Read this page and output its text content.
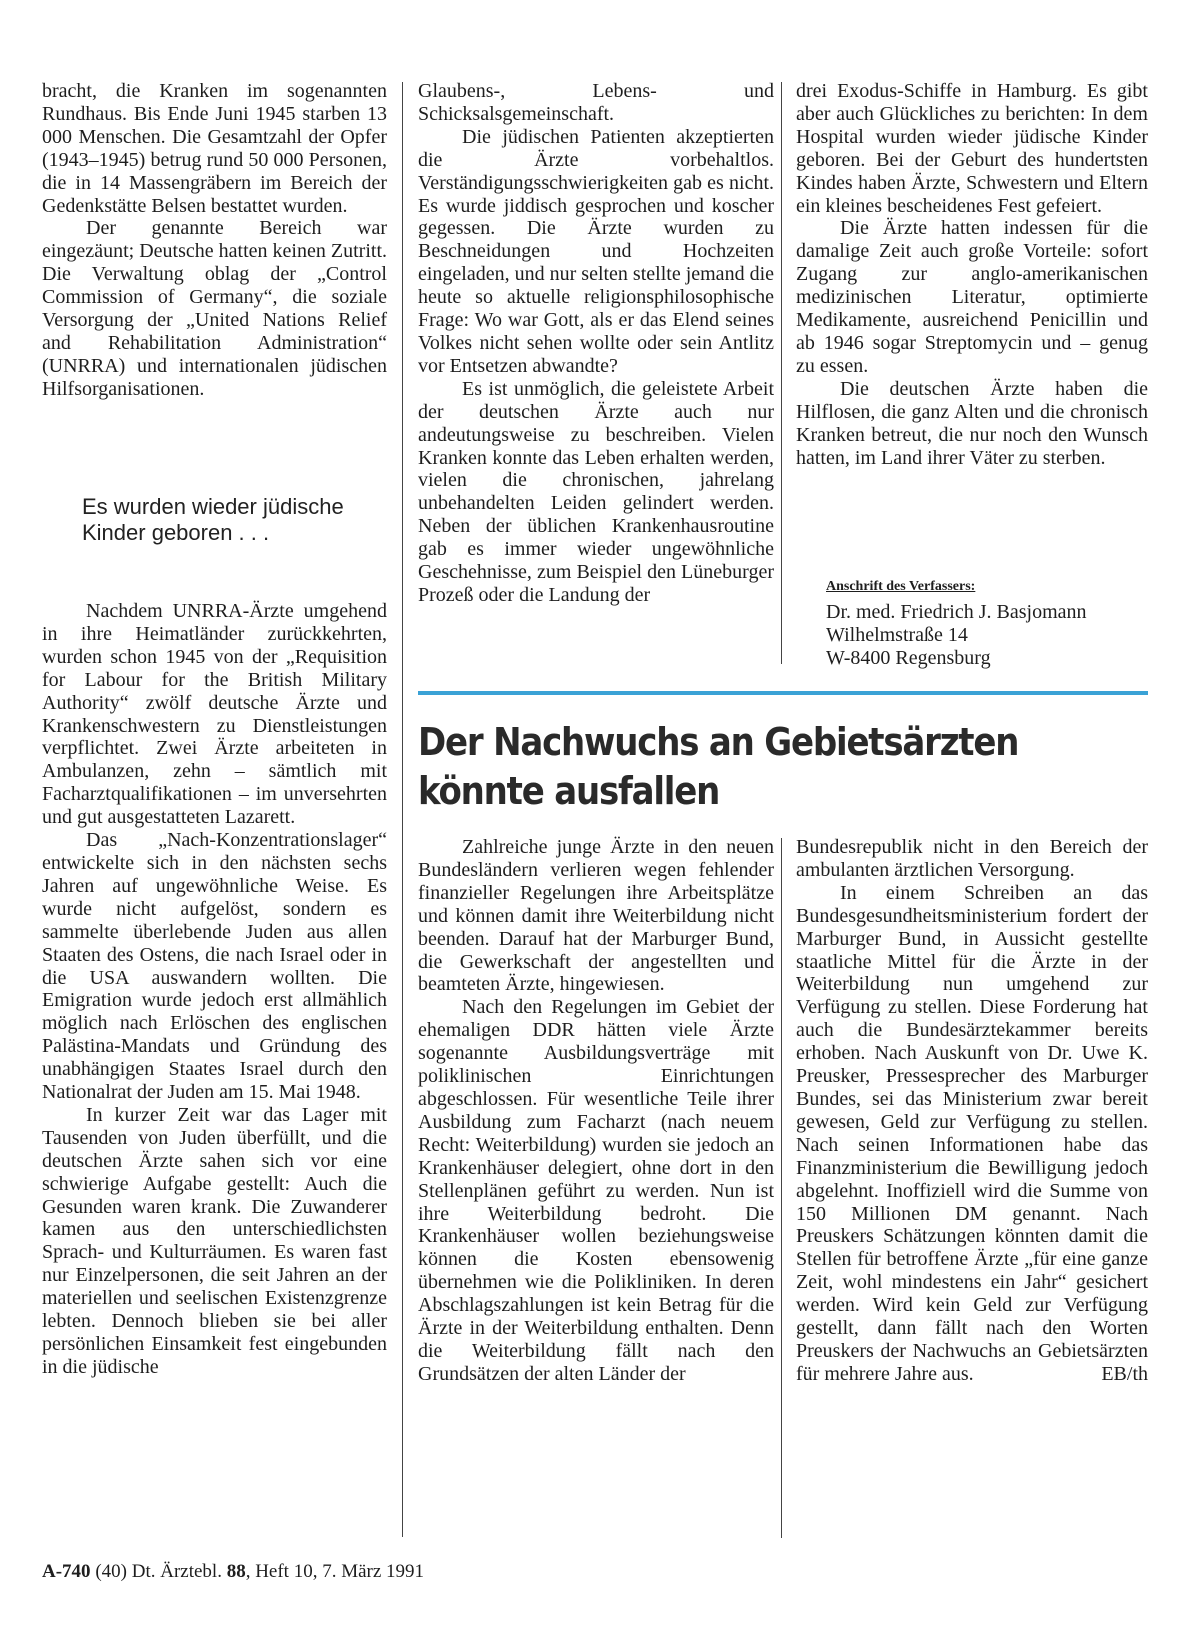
bracht, die Kranken im sogenannten Rundhaus. Bis Ende Juni 1945 starben 13 000 Menschen. Die Gesamtzahl der Opfer (1943–1945) betrug rund 50 000 Personen, die in 14 Massengräbern im Bereich der Gedenkstätte Belsen bestattet wurden.

Der genannte Bereich war eingezäunt; Deutsche hatten keinen Zutritt. Die Verwaltung oblag der „Control Commission of Germany“, die soziale Versorgung der „United Nations Relief and Rehabilitation Administration“ (UNRRA) und internationalen jüdischen Hilfsorganisationen.

Es wurden wieder jüdische Kinder geboren . . .

Nachdem UNRRA-Ärzte umgehend in ihre Heimatländer zurückkehrten, wurden schon 1945 von der „Requisition for Labour for the British Military Authority“ zwölf deutsche Ärzte und Krankenschwestern zu Dienstleistungen verpflichtet. Zwei Ärzte arbeiteten in Ambulanzen, zehn – sämtlich mit Facharztqualifikationen – im unversehrten und gut ausgestatteten Lazarett.

Das „Nach-Konzentrationslager“ entwickelte sich in den nächsten sechs Jahren auf ungewöhnliche Weise. Es wurde nicht aufgelöst, sondern es sammelte überlebende Juden aus allen Staaten des Ostens, die nach Israel oder in die USA auswandern wollten. Die Emigration wurde jedoch erst allmählich möglich nach Erlöschen des englischen Palästina-Mandats und Gründung des unabhängigen Staates Israel durch den Nationalrat der Juden am 15. Mai 1948.

In kurzer Zeit war das Lager mit Tausenden von Juden überfüllt, und die deutschen Ärzte sahen sich vor eine schwierige Aufgabe gestellt: Auch die Gesunden waren krank. Die Zuwanderer kamen aus den unterschiedlichsten Sprach- und Kulturräumen. Es waren fast nur Einzelpersonen, die seit Jahren an der materiellen und seelischen Existenzgrenze lebten. Dennoch blieben sie bei aller persönlichen Einsamkeit fest eingebunden in die jüdische

Glaubens-, Lebens- und Schicksalsgemeinschaft.

Die jüdischen Patienten akzeptierten die Ärzte vorbehaltlos. Verständigungsschwierigkeiten gab es nicht. Es wurde jiddisch gesprochen und koscher gegessen. Die Ärzte wurden zu Beschneidungen und Hochzeiten eingeladen, und nur selten stellte jemand die heute so aktuelle religionsphilosophische Frage: Wo war Gott, als er das Elend seines Volkes nicht sehen wollte oder sein Antlitz vor Entsetzen abwandte?

Es ist unmöglich, die geleistete Arbeit der deutschen Ärzte auch nur andeutungsweise zu beschreiben. Vielen Kranken konnte das Leben erhalten werden, vielen die chronischen, jahrelang unbehandelten Leiden gelindert werden. Neben der üblichen Krankenhausroutine gab es immer wieder ungewöhnliche Geschehnisse, zum Beispiel den Lüneburger Prozeß oder die Landung der

drei Exodus-Schiffe in Hamburg. Es gibt aber auch Glückliches zu berichten: In dem Hospital wurden wieder jüdische Kinder geboren. Bei der Geburt des hundertsten Kindes haben Ärzte, Schwestern und Eltern ein kleines bescheidenes Fest gefeiert.

Die Ärzte hatten indessen für die damalige Zeit auch große Vorteile: sofort Zugang zur anglo-amerikanischen medizinischen Literatur, optimierte Medikamente, ausreichend Penicillin und ab 1946 sogar Streptomycin und – genug zu essen.

Die deutschen Ärzte haben die Hilflosen, die ganz Alten und die chronisch Kranken betreut, die nur noch den Wunsch hatten, im Land ihrer Väter zu sterben.

Anschrift des Verfassers:
Dr. med. Friedrich J. Basjomann
Wilhelmstraße 14
W-8400 Regensburg
Der Nachwuchs an Gebietsärzten
könnte ausfallen

Zahlreiche junge Ärzte in den neuen Bundesländern verlieren wegen fehlender finanzieller Regelungen ihre Arbeitsplätze und können damit ihre Weiterbildung nicht beenden. Darauf hat der Marburger Bund, die Gewerkschaft der angestellten und beamteten Ärzte, hingewiesen.

Nach den Regelungen im Gebiet der ehemaligen DDR hätten viele Ärzte sogenannte Ausbildungsverträge mit poliklinischen Einrichtungen abgeschlossen. Für wesentliche Teile ihrer Ausbildung zum Facharzt (nach neuem Recht: Weiterbildung) wurden sie jedoch an Krankenhäuser delegiert, ohne dort in den Stellenplänen geführt zu werden. Nun ist ihre Weiterbildung bedroht. Die Krankenhäuser wollen beziehungsweise können die Kosten ebensowenig übernehmen wie die Polikliniken. In deren Abschlagszahlungen ist kein Betrag für die Ärzte in der Weiterbildung enthalten. Denn die Weiterbildung fällt nach den Grundsätzen der alten Länder der

Bundesrepublik nicht in den Bereich der ambulanten ärztlichen Versorgung.

In einem Schreiben an das Bundesgesundheitsministerium fordert der Marburger Bund, in Aussicht gestellte staatliche Mittel für die Ärzte in der Weiterbildung nun umgehend zur Verfügung zu stellen. Diese Forderung hat auch die Bundesärztekammer bereits erhoben. Nach Auskunft von Dr. Uwe K. Preusker, Pressesprecher des Marburger Bundes, sei das Ministerium zwar bereit gewesen, Geld zur Verfügung zu stellen. Nach seinen Informationen habe das Finanzministerium die Bewilligung jedoch abgelehnt. Inoffiziell wird die Summe von 150 Millionen DM genannt. Nach Preuskers Schätzungen könnten damit die Stellen für betroffene Ärzte „für eine ganze Zeit, wohl mindestens ein Jahr“ gesichert werden. Wird kein Geld zur Verfügung gestellt, dann fällt nach den Worten Preuskers der Nachwuchs an Gebietsärzten für mehrere Jahre aus.	EB/th

A-740 (40) Dt. Ärztebl. 88, Heft 10, 7. März 1991
